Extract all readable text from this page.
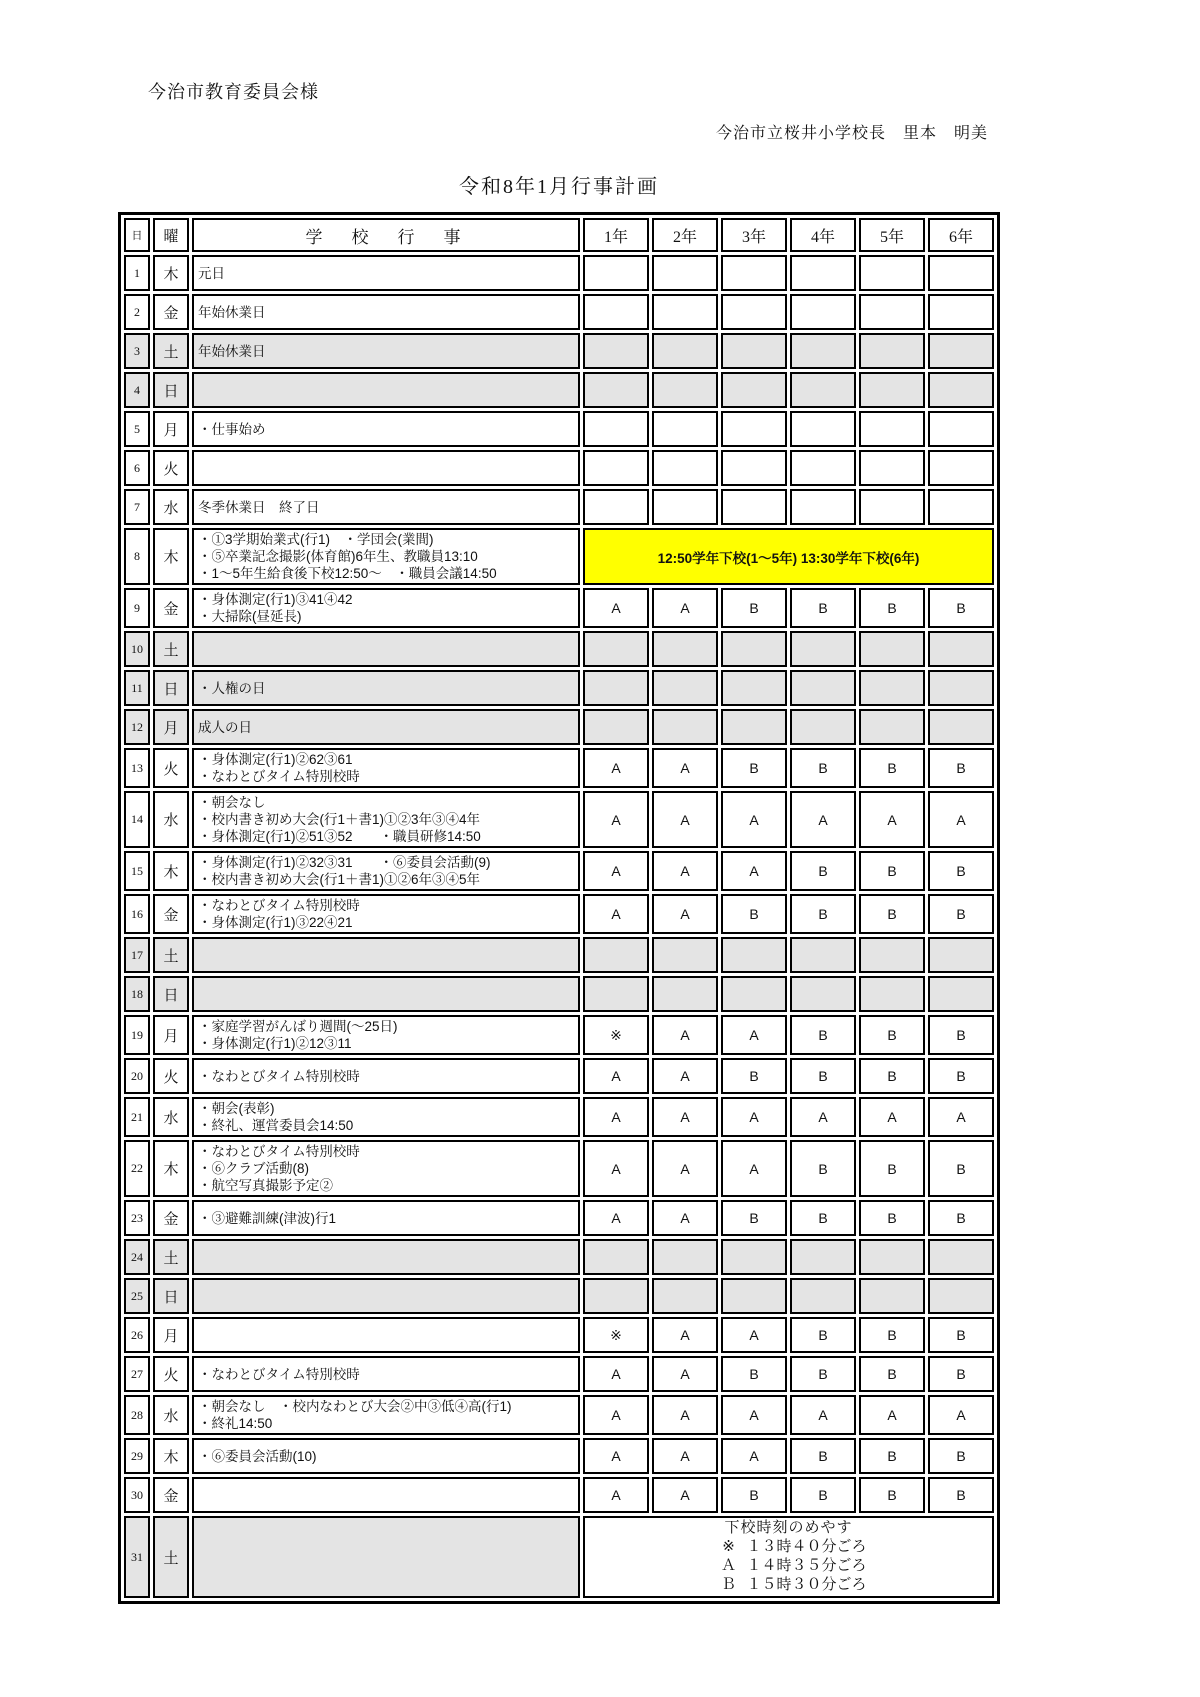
今治市教育委員会様
今治市立桜井小学校長　里本　明美
令和8年1月行事計画
日	曜	学　校　行　事	1年	2年	3年	4年	5年	6年
1	木	元日						

2	金	年始休業日						

3	土	年始休業日						

4	日							
5	月	・仕事始め						

6	火							
7	水	冬季休業日　終了日						

8	木	・①3学期始業式(行1)　・学団会(業間)
・⑤卒業記念撮影(体育館)6年生、教職員13:10
・1～5年生給食後下校12:50～　・職員会議14:50	12:50学年下校(1～5年) 13:30学年下校(6年)					
9	金	・身体測定(行1)③41④42
・大掃除(昼延長)	A	A	B	B	B	B
10	土							
11	日	・人権の日						

12	月	成人の日						

13	火	・身体測定(行1)②62③61
・なわとびタイム特別校時	A	A	B	B	B	B
14	水	・朝会なし
・校内書き初め大会(行1＋書1)①②3年③④4年
・身体測定(行1)②51③52　　・職員研修14:50	A	A	A	A	A	A
15	木	・身体測定(行1)②32③31　　・⑥委員会活動(9)
・校内書き初め大会(行1＋書1)①②6年③④5年	A	A	A	B	B	B
16	金	・なわとびタイム特別校時
・身体測定(行1)③22④21	A	A	B	B	B	B
17	土							
18	日							
19	月	・家庭学習がんばり週間(～25日)
・身体測定(行1)②12③11	※	A	A	B	B	B
20	火	・なわとびタイム特別校時	A	A	B	B	B	B
21	水	・朝会(表彰)
・終礼、運営委員会14:50	A	A	A	A	A	A
22	木	・なわとびタイム特別校時
・⑥クラブ活動(8)
・航空写真撮影予定②	A	A	A	B	B	B
23	金	・③避難訓練(津波)行1	A	A	B	B	B	B
24	土							
25	日							
26	月		※	A	A	B	B	B
27	火	・なわとびタイム特別校時	A	A	B	B	B	B
28	水	・朝会なし　・校内なわとび大会②中③低④高(行1)
・終礼14:50	A	A	A	A	A	A
29	木	・⑥委員会活動(10)	A	A	A	B	B	B
30	金		A	A	B	B	B	B
31	土		下校時刻のめやす
※ １３時４０分ごろ
Ａ １４時３５分ごろ
Ｂ １５時３０分ごろ					
